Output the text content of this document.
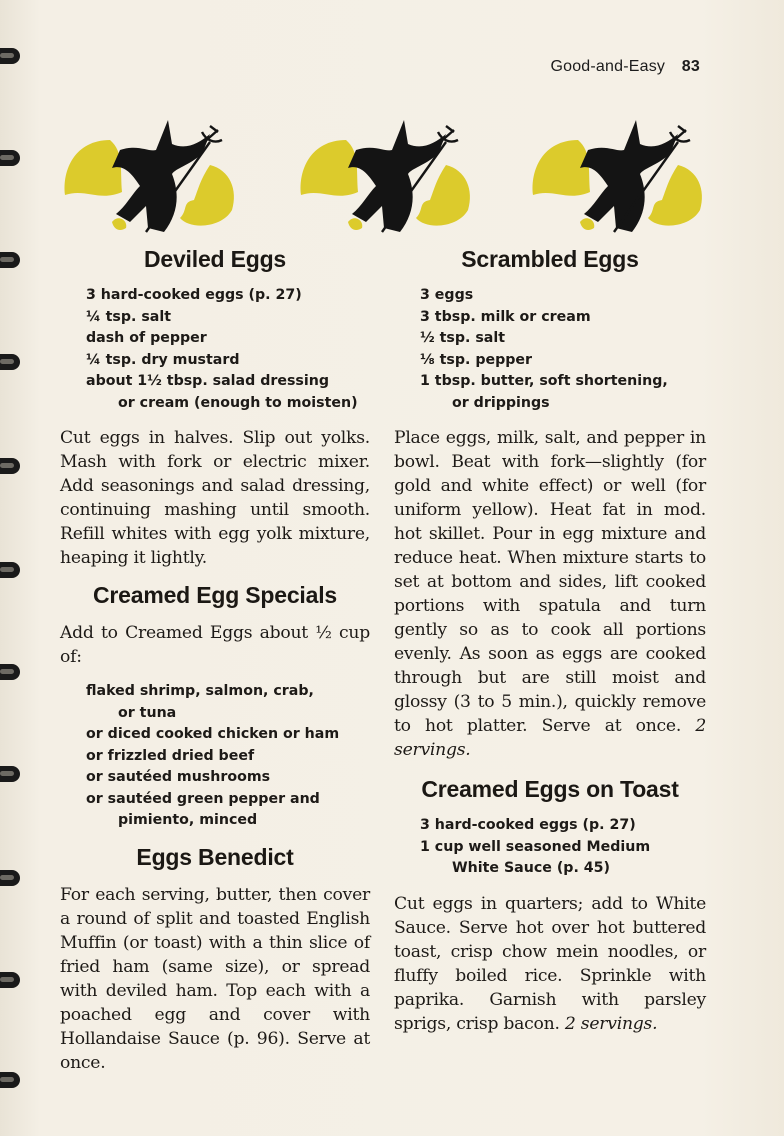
Good-and-Easy 83
Deviled Eggs
3 hard-cooked eggs (p. 27)
¼ tsp. salt
dash of pepper
¼ tsp. dry mustard
about 1½ tbsp. salad dressing
or cream (enough to moisten)

Cut eggs in halves. Slip out yolks. Mash with fork or electric mixer. Add seasonings and salad dressing, continuing mashing until smooth. Refill whites with egg yolk mixture, heaping it lightly.

Creamed Egg Specials

Add to Creamed Eggs about ½ cup of:

flaked shrimp, salmon, crab,
or tuna
or diced cooked chicken or ham
or frizzled dried beef
or sautéed mushrooms
or sautéed green pepper and
pimiento, minced
Eggs Benedict

For each serving, butter, then cover a round of split and toasted English Muffin (or toast) with a thin slice of fried ham (same size), or spread with deviled ham. Top each with a poached egg and cover with Hollandaise Sauce (p. 96). Serve at once.

Scrambled Eggs
3 eggs
3 tbsp. milk or cream
½ tsp. salt
⅛ tsp. pepper
1 tbsp. butter, soft shortening,
or drippings

Place eggs, milk, salt, and pepper in bowl. Beat with fork—slightly (for gold and white effect) or well (for uniform yellow). Heat fat in mod. hot skillet. Pour in egg mixture and reduce heat. When mixture starts to set at bottom and sides, lift cooked portions with spatula and turn gently so as to cook all portions evenly. As soon as eggs are cooked through but are still moist and glossy (3 to 5 min.), quickly remove to hot platter. Serve at once. 2 servings.

Creamed Eggs on Toast
3 hard-cooked eggs (p. 27)
1 cup well seasoned Medium
White Sauce (p. 45)

Cut eggs in quarters; add to White Sauce. Serve hot over hot buttered toast, crisp chow mein noodles, or fluffy boiled rice. Sprinkle with paprika. Garnish with parsley sprigs, crisp bacon. 2 servings.
